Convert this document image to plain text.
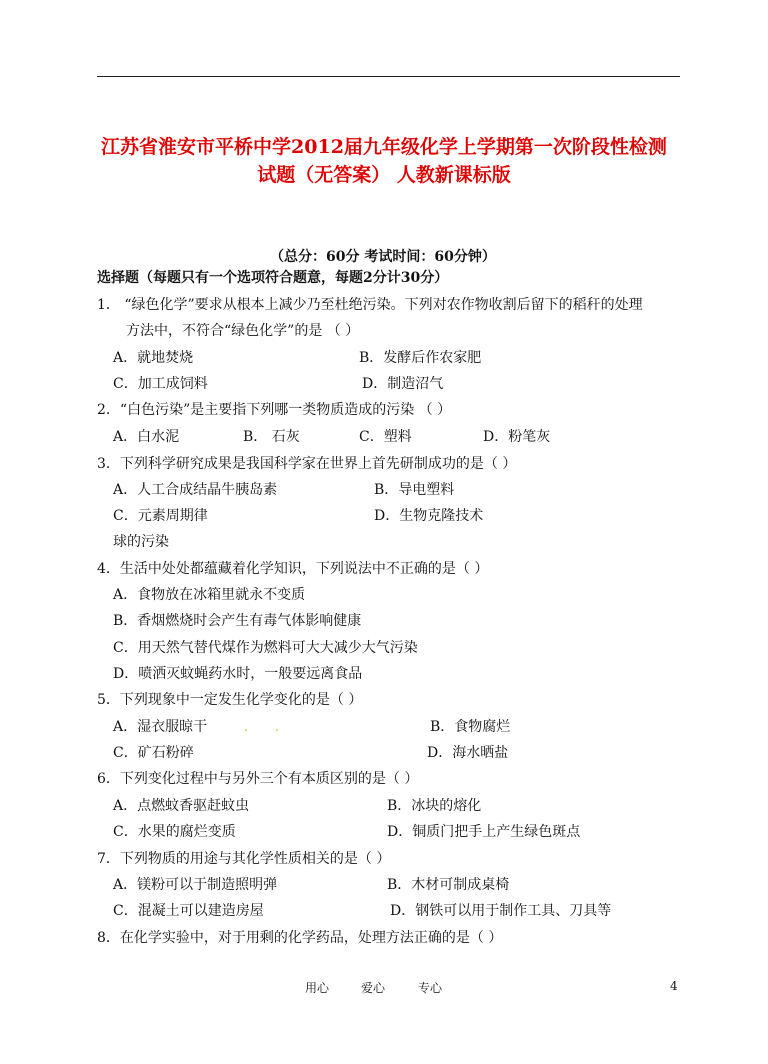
江苏省淮安市平桥中学2012届九年级化学上学期第一次阶段性检测
试题（无答案） 人教新课标版
（总分：60分 考试时间：60分钟）
选择题（每题只有一个选项符合题意，每题2分计30分）
1． “绿色化学”要求从根本上减少乃至杜绝污染。下列对农作物收割后留下的稻秆的处理
方法中，不符合“绿色化学”的是 （ ）
A．就地焚烧	B．发酵后作农家肥
C．加工成饲料	D．制造沼气
2．“白色污染”是主要指下列哪一类物质造成的污染 （ ）
A．白水泥	B． 石灰	C．塑料	D．粉笔灰
3．下列科学研究成果是我国科学家在世界上首先研制成功的是（ ）
A．人工合成结晶牛胰岛素	B．导电塑料
C．元素周期律	D．生物克隆技术
球的污染
4．生活中处处都蕴藏着化学知识，下列说法中不正确的是（ ）
A．食物放在冰箱里就永不变质
B．香烟燃烧时会产生有毒气体影响健康
C．用天然气替代煤作为燃料可大大减少大气污染
D．喷洒灭蚊蝇药水时，一般要远离食品
5．下列现象中一定发生化学变化的是（ ）
A．湿衣服晾干	. .	B．食物腐烂
C．矿石粉碎	D．海水晒盐
6．下列变化过程中与另外三个有本质区别的是（ ）
A．点燃蚊香驱赶蚊虫	B．冰块的熔化
C．水果的腐烂变质	D．铜质门把手上产生绿色斑点
7．下列物质的用途与其化学性质相关的是（ ）
A．镁粉可以于制造照明弹	B．木材可制成桌椅
C．混凝土可以建造房屋	D．钢铁可以用于制作工具、刀具等
8．在化学实验中，对于用剩的化学药品，处理方法正确的是（ ）
用心	爱心	专心	4
